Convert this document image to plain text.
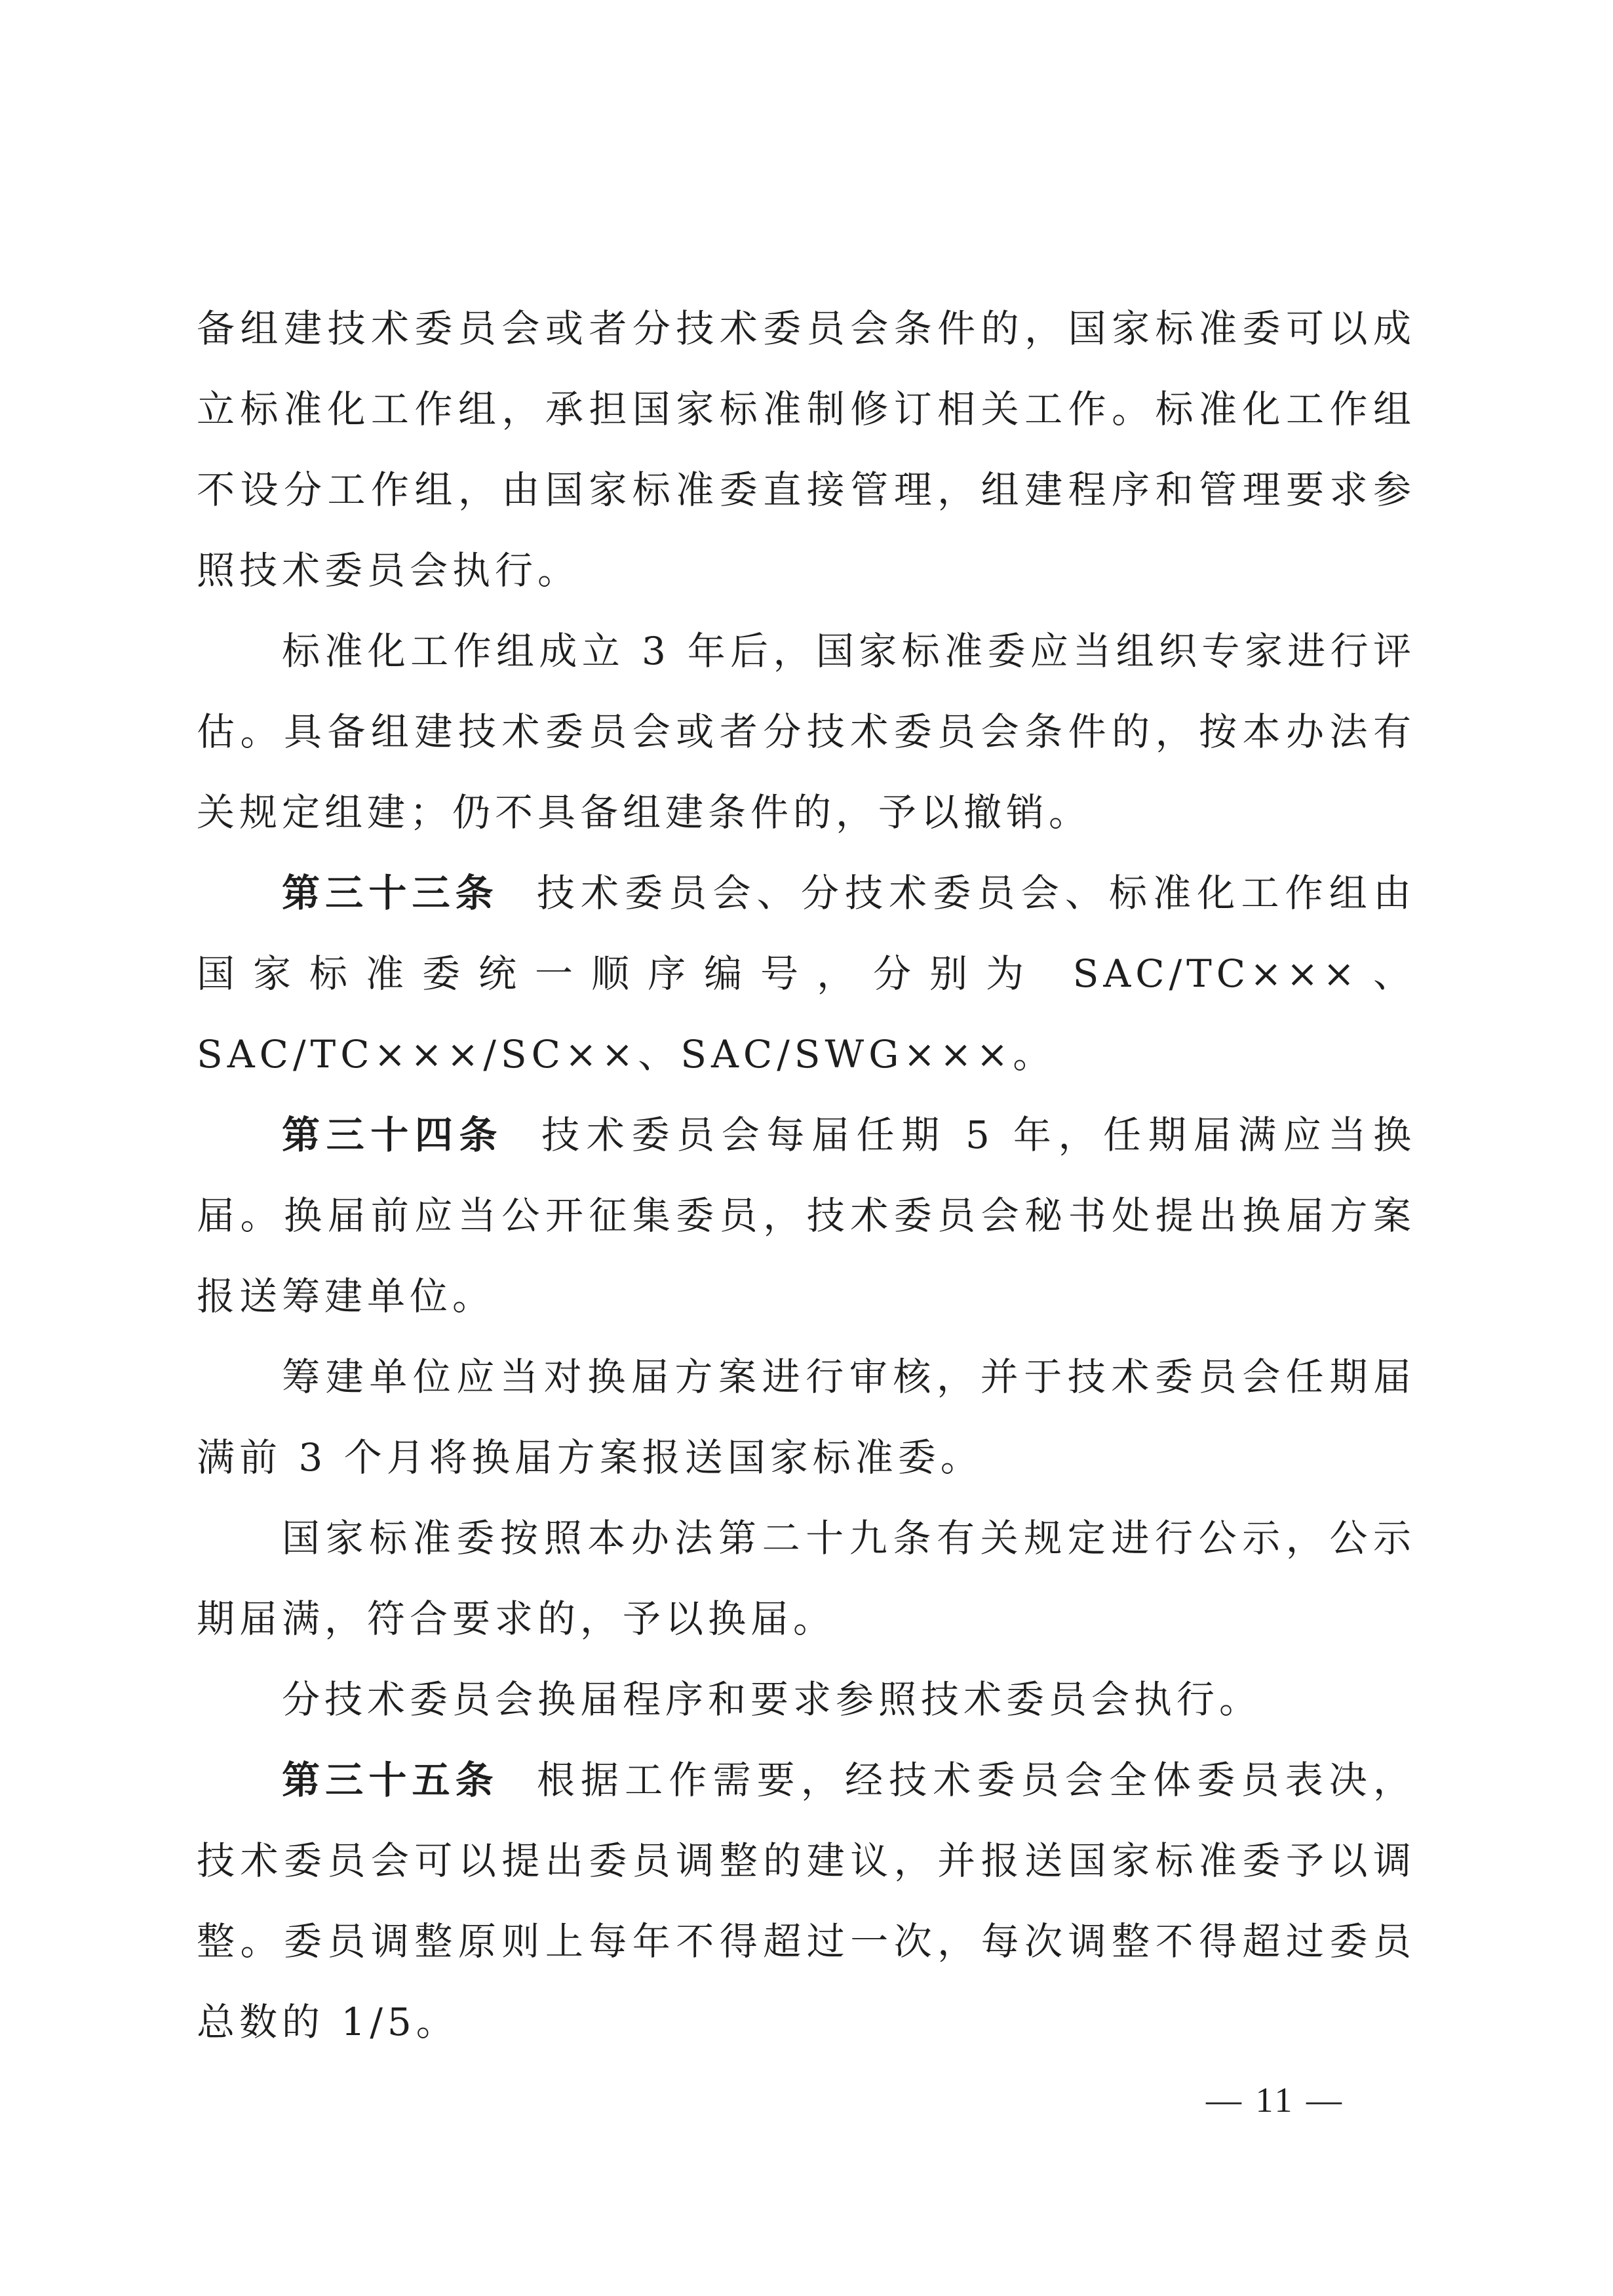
备组建技术委员会或者分技术委员会条件的，国家标准委可以成立标准化工作组，承担国家标准制修订相关工作。标准化工作组不设分工作组，由国家标准委直接管理，组建程序和管理要求参照技术委员会执行。

标准化工作组成立 3 年后，国家标准委应当组织专家进行评估。具备组建技术委员会或者分技术委员会条件的，按本办法有关规定组建；仍不具备组建条件的，予以撤销。

第三十三条 技术委员会、分技术委员会、标准化工作组由国家标准委统一顺序编号，分别为 SAC/TC×××、SAC/TC×××/SC××、SAC/SWG×××。

第三十四条 技术委员会每届任期 5 年，任期届满应当换届。换届前应当公开征集委员，技术委员会秘书处提出换届方案报送筹建单位。

筹建单位应当对换届方案进行审核，并于技术委员会任期届满前 3 个月将换届方案报送国家标准委。

国家标准委按照本办法第二十九条有关规定进行公示，公示期届满，符合要求的，予以换届。

分技术委员会换届程序和要求参照技术委员会执行。

第三十五条 根据工作需要，经技术委员会全体委员表决，技术委员会可以提出委员调整的建议，并报送国家标准委予以调整。委员调整原则上每年不得超过一次，每次调整不得超过委员总数的 1/5。

— 11 —
